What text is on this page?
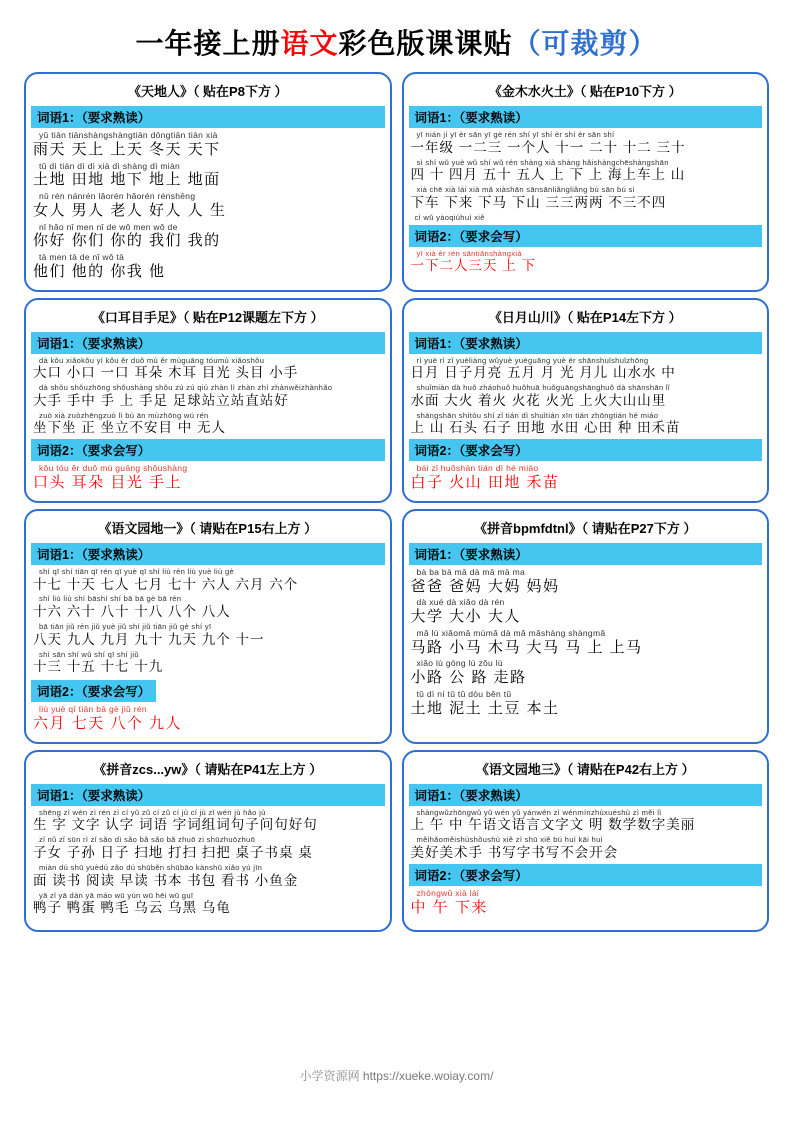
一年接上册语文彩色版课课贴（可裁剪）
《天地人》（ 贴在P8下方 ）
词语1：（要求熟读）
yǔ tiān tiānshàngshàngtiān dōngtiān tiān xià
雨天 天上 上天 冬天 天下
tǔ dì tián dì dì xià dì shàng dì miàn
土地 田地 地下 地上 地面
nǔ rén nánrén lǎorén hǎorén rénshēng
女人 男人 老人 好人 人 生
nǐ hǎo nǐ men nǐ de wǒ men wǒ de
你好 你们 你的 我们 我的
tā men tā de nǐ wǒ tā
他们 他的 你我 他
《金木水火土》（ 贴在P10下方 ）
词语1：（要求熟读）
yī nián jí yī èr sān yī gè rén shí yī shí èr shí èr sān shí
一年级 一二三 一个人 十一 二十 十二 三十
sì shí wǔ yuè wǔ shí wǔ rén shàng xià shàng hǎishàngchēshàngshān
四 十 四月 五十 五人 上 下 上 海上车上 山
xià chē xià lái xià mǎ xiàshān sānsānliǎngliǎng bù sān bú sì
下车 下来 下马 下山 三三两两 不三不四
cì wǔ yàoqiúhuì xiě
词语2：（要求会写）
yī xià èr rén sāntiānshàngxià
一下二人三天 上 下
《口耳目手足》（ 贴在P12课题左下方 ）
词语1：（要求熟读）
dà kǒu xiǎokǒu yì kǒu ěr duǒ mù ěr mùguāng tóumù xiǎoshǒu
大口 小口 一口 耳朵 木耳 目光 头目 小手
dà shǒu shǒuzhōng shǒushàng shǒu zú zú qiú zhàn lì zhàn zhí zhànwěizhànhǎo
大手 手中 手 上 手足 足球站立站直站好
zuò xià zuòzhēngzuò lì bù ān mùzhōng wú rén
坐下坐 正 坐立不安目 中 无人
词语2：（要求会写）
kǒu tóu ěr duǒ mù guāng shǒushàng
口头 耳朵 目光 手上
《日月山川》（ 贴在P14左下方 ）
词语1：（要求熟读）
rì yuè rì zǐ yuèliàng wǔyuè yuèguāng yuè ér shānshuǐshuǐzhōng
日月 日子月亮 五月 月 光 月儿 山水水 中
shuǐmiàn dà huǒ zháohuǒ huǒhuā huǒguāngshānghuǒ dà shānshān lǐ
水面 大火 着火 火花 火光 上火大山山里
shàngshān shítóu shí zǐ tián dì shuǐtián xīn tián zhōngtián hé miáo
上 山 石头 石子 田地 水田 心田 种 田禾苗
词语2：（要求会写）
bái zǐ huǒshān tián dì hé miáo
白子 火山 田地 禾苗
《语文园地一》（ 请贴在P15右上方 ）
词语1：（要求熟读）
shí qī shí tiān qī rén qī yuè qī shí liù rén liù yuè liù gè
十七 十天 七人 七月 七十 六人 六月 六个
shí liù liù shí bāshí shí bā bā gè bā rén
十六 六十 八十 十八 八个 八人
bā tiān jiǔ rén jiǔ yuè jiǔ shí jiǔ tiān jiǔ gè shí yī
八天 九人 九月 九十 九天 九个 十一
shí sān shí wǔ shí qī shí jiǔ
十三 十五 十七 十九
词语2：（要求会写）
liù yuè qī tiān bā gè jiǔ rén
六月 七天 八个 九人
《拼音bpmfdtnl》（ 请贴在P27下方 ）
词语1：（要求熟读）
bà ba bà mā dà mā mā ma
爸爸 爸妈 大妈 妈妈
dà xué dà xiǎo dà rén
大学 大小 大人
mǎ lù xiǎomǎ mùmǎ dà mǎ mǎshàng shàngmǎ
马路 小马 木马 大马 马 上 上马
xiǎo lù gōng lù zǒu lù
小路 公 路 走路
tǔ dì ní tǔ tǔ dòu běn tǔ
土地 泥土 土豆 本土
《拼音zcs...yw》（ 请贴在P41左上方 ）
词语1：（要求熟读）
shēng zì wén zì rén zì cí yǔ zǔ cí zǔ cí jù cí jù zǐ wén jù hǎo jù
生 字 文字 认字 词语 字词组词句子问句好句
zǐ nǔ zǐ sūn rì zǐ sǎo dì sǎo bǎ sǎo bǎ zhuō zi shūzhuōzhuō
子女 子孙 日子 扫地 打扫 扫把 桌子书桌 桌
miàn dú shū yuèdú zǎo dú shūběn shūbāo kànshū xiǎo yú jīn
面 读书 阅读 早读 书本 书包 看书 小鱼金
yā zǐ yā dàn yā máo wū yún wū hēi wū guī
鸭子 鸭蛋 鸭毛 乌云 乌黑 乌龟
《语文园地三》（ 请贴在P42右上方 ）
词语1：（要求熟读）
shàngwǔzhōngwǔ yǔ wén yǔ yánwén zì wénmínzhùxuéshù zì měi lì
上 午 中 午语文语言文字文 明 数学数字美丽
měihǎoměishùshǒushù xiě zì shū xiě bú huì kāi huì
美好美术手 书写字书写不会开会
词语2：（要求会写）
zhōngwǔ xià lái
中 午 下来
小学资源网 https://xueke.woiay.com/
